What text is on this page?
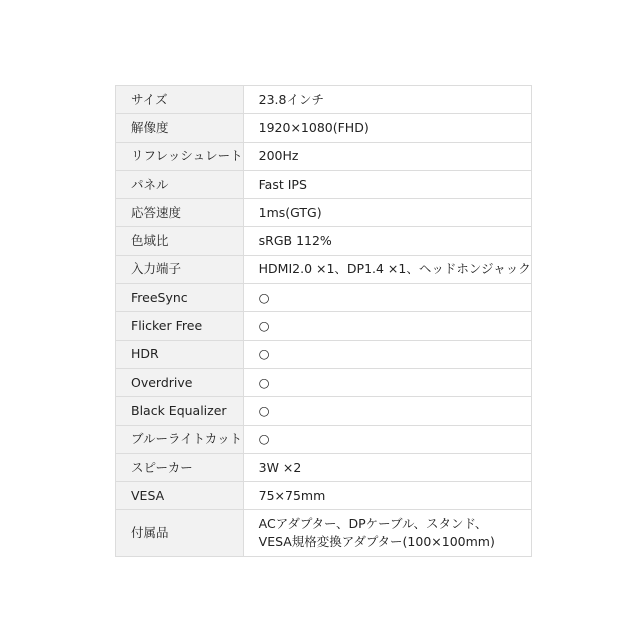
サイズ	23.8インチ
解像度	1920×1080(FHD)
リフレッシュレート	200Hz
パネル	Fast IPS
応答速度	1ms(GTG)
色域比	sRGB 112%
入力端子	HDMI2.0 ×1、DP1.4 ×1、ヘッドホンジャック
FreeSync	○
Flicker Free	○
HDR	○
Overdrive	○
Black Equalizer	○
ブルーライトカット	○
スピーカー	3W ×2
VESA	75×75mm
付属品	ACアダプター、DPケーブル、スタンド、
VESA規格変換アダプター(100×100mm)
